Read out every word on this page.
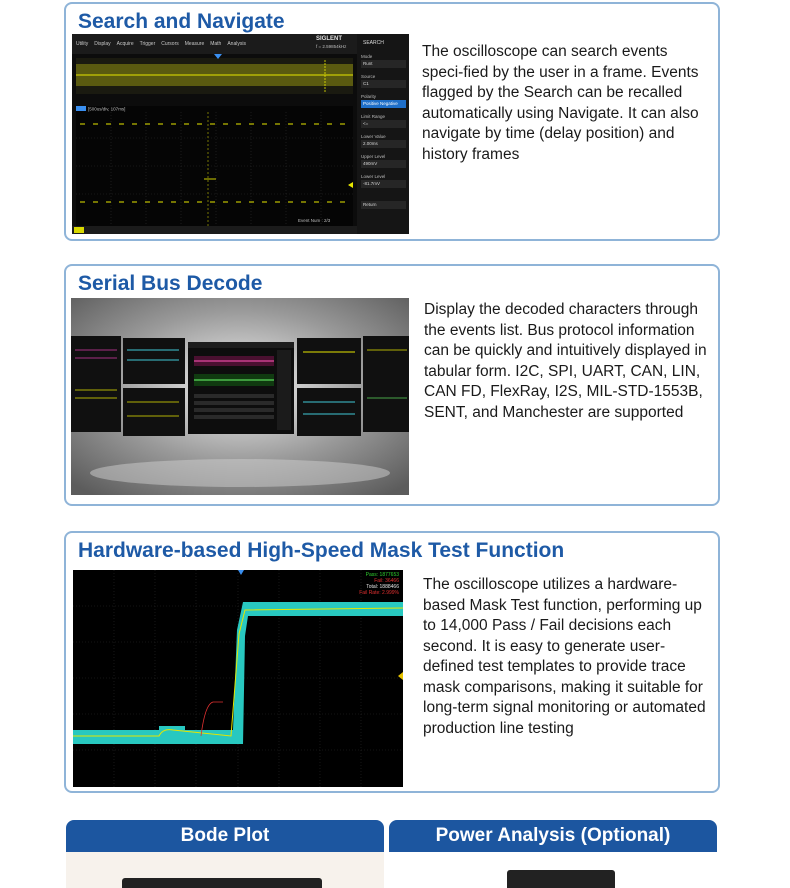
Search and Navigate
The oscilloscope can search events speci-fied by the user in a frame. Events flagged by the Search can be recalled automatically using Navigate. It can also navigate by time (delay position) and history frames
Utility Display Acquire Trigger Cursors Measure Math Analysis
SIGLENT
f = 2.59854kHz
[500us/div, 107ms]
Event Num : 2/3
SEARCH
Mode
Runt
Source
C1
Polarity
Positive Negative
Limit Range
<=
Lower Value
2.00ms
Upper Level
490mV
Lower Level
-81.7mV
Return
Serial Bus Decode
Display the decoded characters through the events list. Bus protocol information can be quickly and intuitively displayed in tabular form. I2C, SPI, UART, CAN, LIN, CAN FD, FlexRay, I2S, MIL-STD-1553B, SENT, and Manchester are supported
Hardware-based High-Speed Mask Test Function
The oscilloscope utilizes a hardware-based Mask Test function, performing up to 14,000 Pass / Fail decisions each second. It is easy to generate user-defined test templates to provide trace mask comparisons, making it suitable for long-term signal monitoring or automated production line testing
Pass: 1877653
Fail: 36466
Total: 1888466
Fail Rate: 2.999%
Bode Plot	Power Analysis (Optional)
